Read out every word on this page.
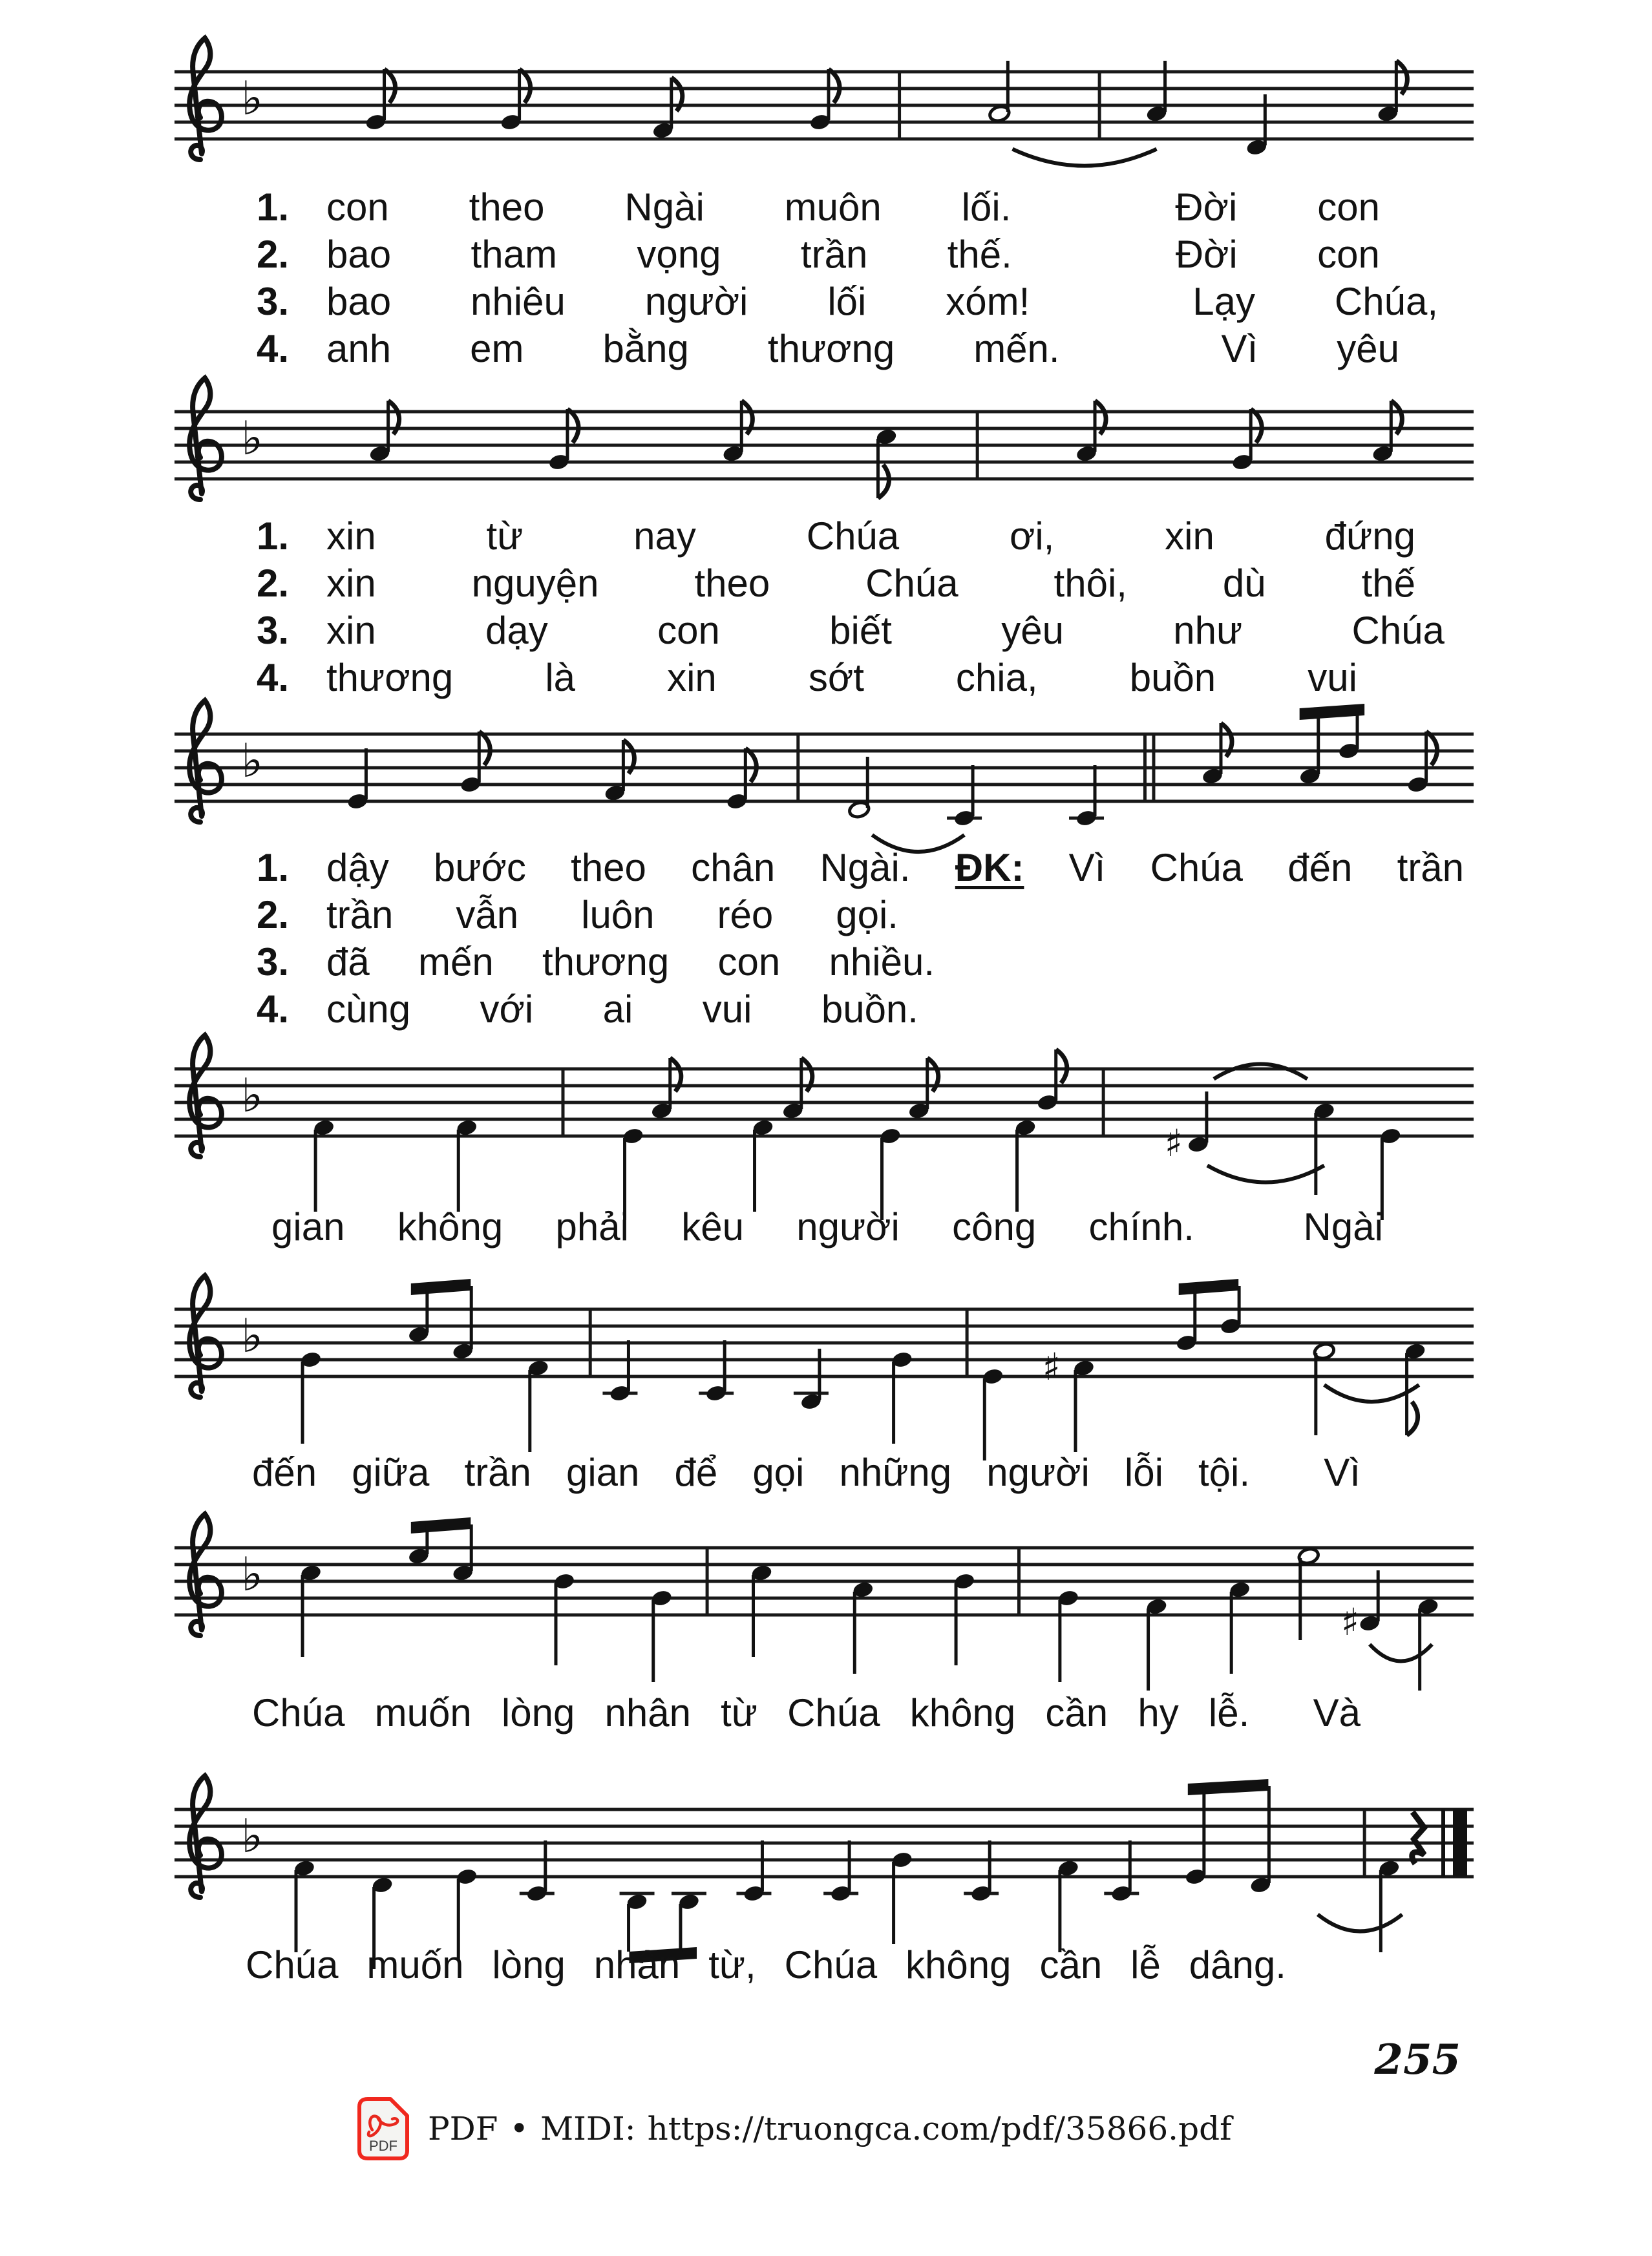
♭
♭
♭
♭
♯
♭
♯
♭
♯
♭
1. con theo Ngài muôn lối.	Đời con
2. bao tham vọng trần thế.	Đời con
3. bao nhiêu người lối xóm!	Lạy Chúa,
4. anh em bằng thương mến.	Vì yêu
1. xin	từ	nay	Chúa	ơi,	xin	đứng
2. xin nguyện theo Chúa thôi, dù thế
3. xin	dạy	con	biết	yêu	như	Chúa
4. thương là xin sớt chia, buồn vui
1. dậy bước theo chân Ngài. ĐK: Vì Chúa đến trần
2. trần vẫn luôn réo gọi.
3. đã mến thương con nhiều.
4. cùng với ai vui buồn.
gian không phải kêu người công chính.	Ngài
đến giữa trần gian để gọi những người lỗi tội. Vì
Chúa muốn lòng nhân từ Chúa không cần hy lễ. Và
Chúa muốn lòng nhân từ, Chúa không cần lễ dâng.
255
PDF PDF • MIDI: https://truongca.com/pdf/35866.pdf
